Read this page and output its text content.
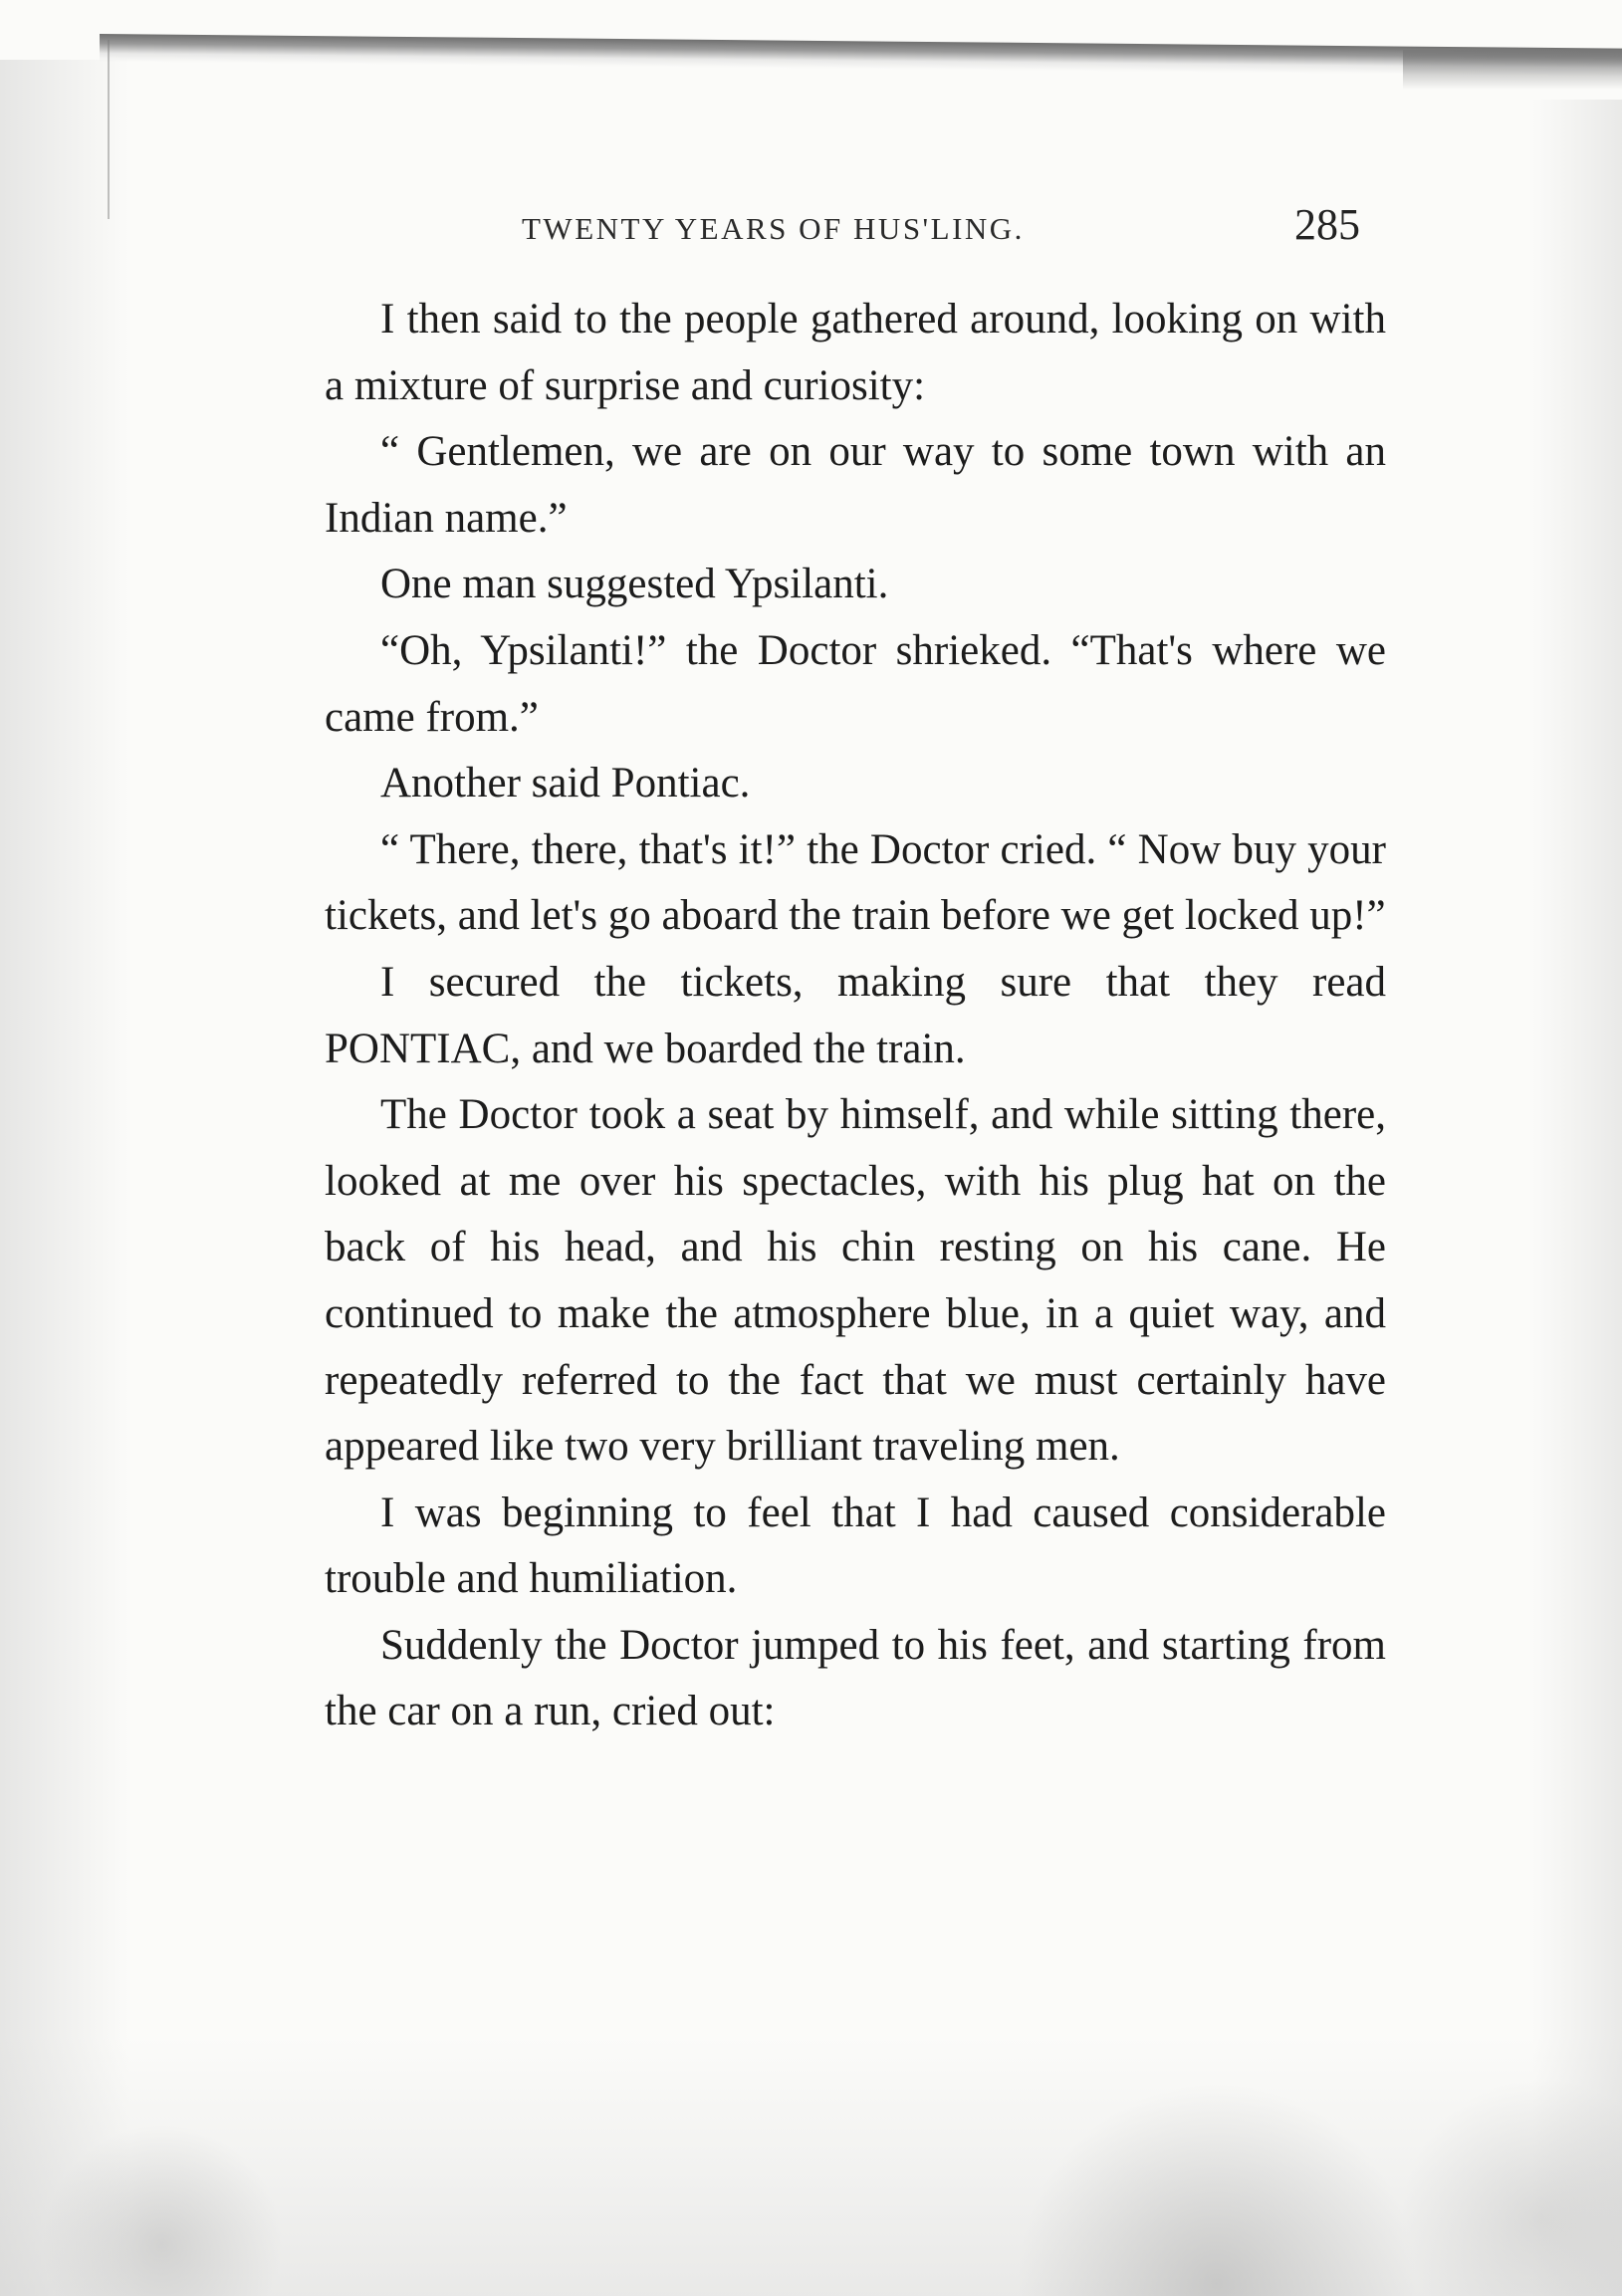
TWENTY YEARS OF HUS'LING.	285

I then said to the people gathered around, looking on with a mixture of surprise and curiosity:

“ Gentlemen, we are on our way to some town with an Indian name.”

One man suggested Ypsilanti.

“Oh, Ypsilanti!” the Doctor shrieked. “That's where we came from.”

Another said Pontiac.

“ There, there, that's it!” the Doctor cried. “ Now buy your tickets, and let's go aboard the train before we get locked up!”

I secured the tickets, making sure that they read PONTIAC, and we boarded the train.

The Doctor took a seat by himself, and while sitting there, looked at me over his spectacles, with his plug hat on the back of his head, and his chin resting on his cane. He continued to make the atmosphere blue, in a quiet way, and repeatedly referred to the fact that we must certainly have appeared like two very brilliant traveling men.

I was beginning to feel that I had caused considerable trouble and humiliation.

Suddenly the Doctor jumped to his feet, and starting from the car on a run, cried out:
